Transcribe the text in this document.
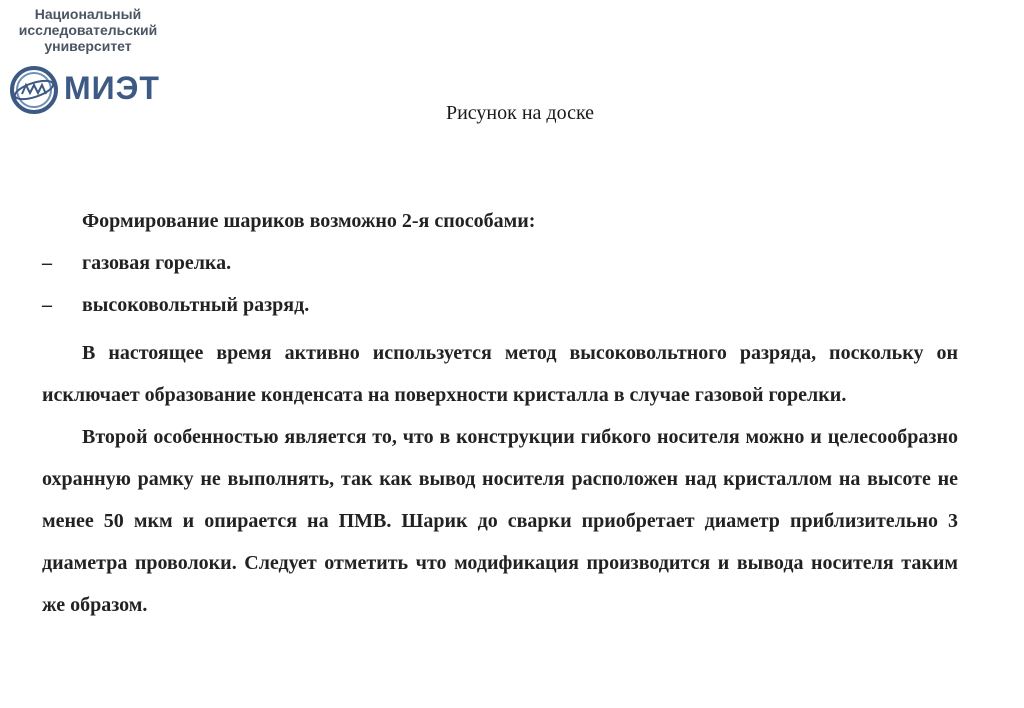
Национальный
исследовательский
университет
МИЭТ
Рисунок на доске

Формирование шариков возможно 2-я способами:

–	газовая горелка.
–	высоковольтный разряд.

В настоящее время активно используется метод высоковольтного разряда, поскольку он исключает образование конденсата на поверхности кристалла в случае газовой горелки.

Второй особенностью является то, что в конструкции гибкого носителя можно и целесообразно охранную рамку не выполнять, так как вывод носителя расположен над кристаллом на высоте не менее 50 мкм и опирается на ПМВ. Шарик до сварки приобретает диаметр приблизительно 3 диаметра проволоки. Следует отметить что модификация производится и вывода носителя таким же образом.
